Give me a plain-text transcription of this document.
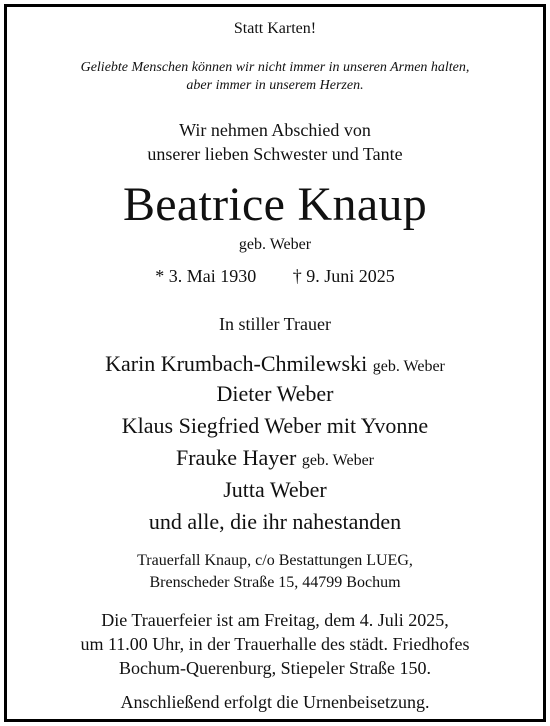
Statt Karten!
Geliebte Menschen können wir nicht immer in unseren Armen halten,
aber immer in unserem Herzen.
Wir nehmen Abschied von
unserer lieben Schwester und Tante
Beatrice Knaup
geb. Weber
* 3. Mai 1930 † 9. Juni 2025
In stiller Trauer
Karin Krumbach-Chmilewski geb. Weber
Dieter Weber
Klaus Siegfried Weber mit Yvonne
Frauke Hayer geb. Weber
Jutta Weber
und alle, die ihr nahestanden
Trauerfall Knaup, c/o Bestattungen LUEG,
Brenscheder Straße 15, 44799 Bochum
Die Trauerfeier ist am Freitag, dem 4. Juli 2025,
um 11.00 Uhr, in der Trauerhalle des städt. Friedhofes
Bochum-Querenburg, Stiepeler Straße 150.
Anschließend erfolgt die Urnenbeisetzung.
